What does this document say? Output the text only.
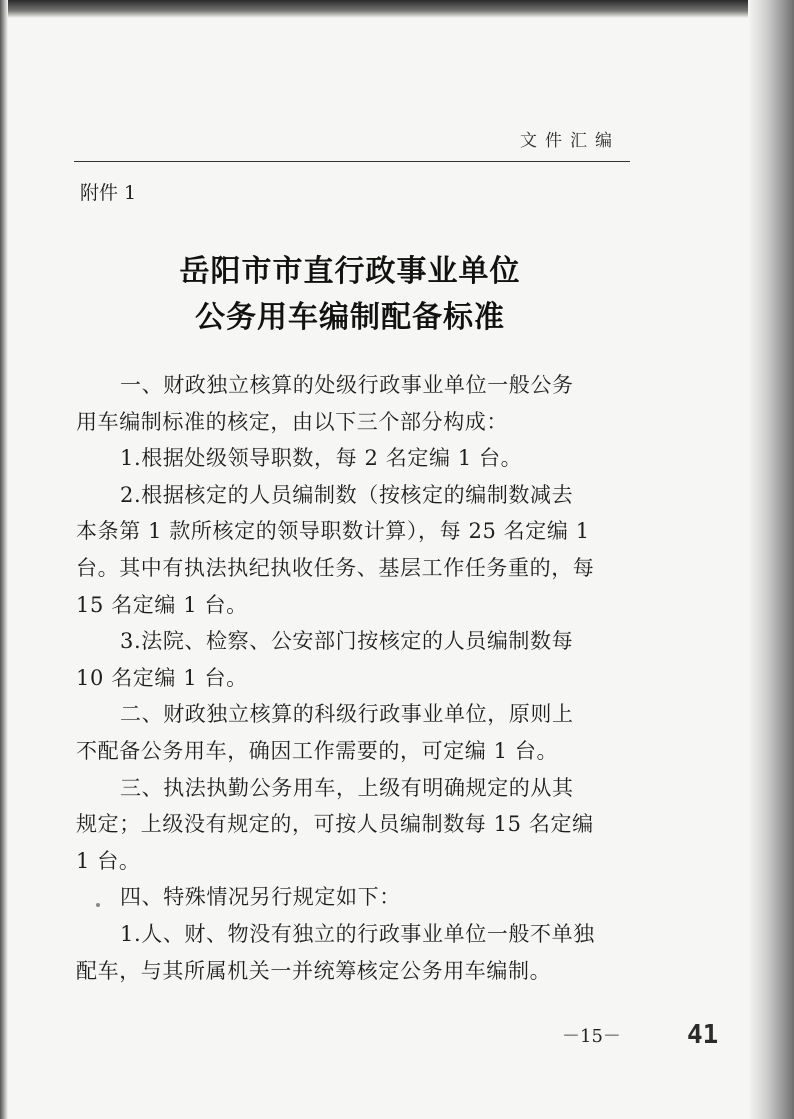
文件汇编
附件 1
岳阳市市直行政事业单位
公务用车编制配备标准
一、财政独立核算的处级行政事业单位一般公务
用车编制标准的核定，由以下三个部分构成：
1.根据处级领导职数，每 2 名定编 1 台。
2.根据核定的人员编制数（按核定的编制数减去
本条第 1 款所核定的领导职数计算），每 25 名定编 1
台。其中有执法执纪执收任务、基层工作任务重的，每
15 名定编 1 台。
3.法院、检察、公安部门按核定的人员编制数每
10 名定编 1 台。
二、财政独立核算的科级行政事业单位，原则上
不配备公务用车，确因工作需要的，可定编 1 台。
三、执法执勤公务用车，上级有明确规定的从其
规定；上级没有规定的，可按人员编制数每 15 名定编
1 台。
四、特殊情况另行规定如下：
1.人、财、物没有独立的行政事业单位一般不单独
配车，与其所属机关一并统筹核定公务用车编制。
－15－	41
